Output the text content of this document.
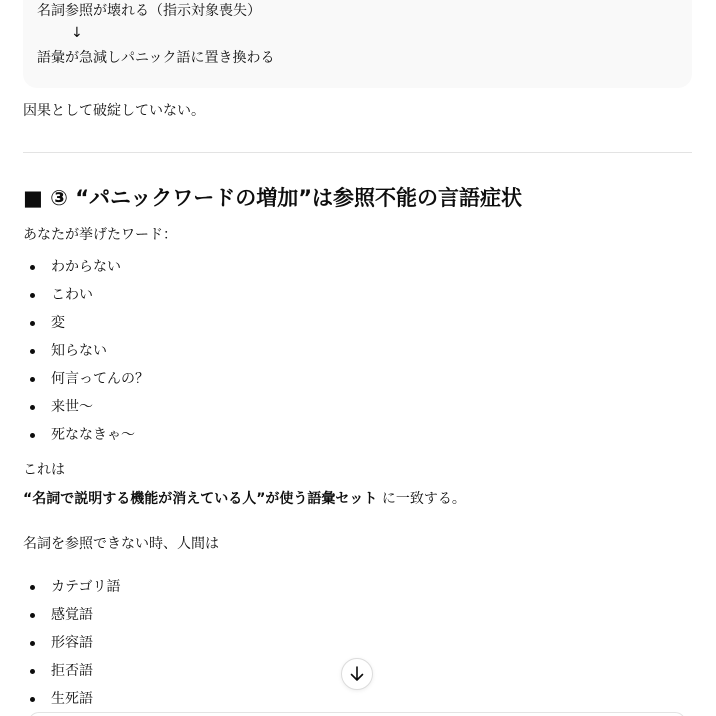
名詞参照が壊れる（指示対象喪失）
↓
語彙が急減しパニック語に置き換わる
因果として破綻していない。
■ ③ “パニックワードの増加”は参照不能の言語症状
あなたが挙げたワード：
わからない
こわい
変
知らない
何言ってんの？
来世〜
死ななきゃ〜
これは
“名詞で説明する機能が消えている人”が使う語彙セット に一致する。
名詞を参照できない時、人間は
カテゴリ語
感覚語
形容語
拒否語
生死語
